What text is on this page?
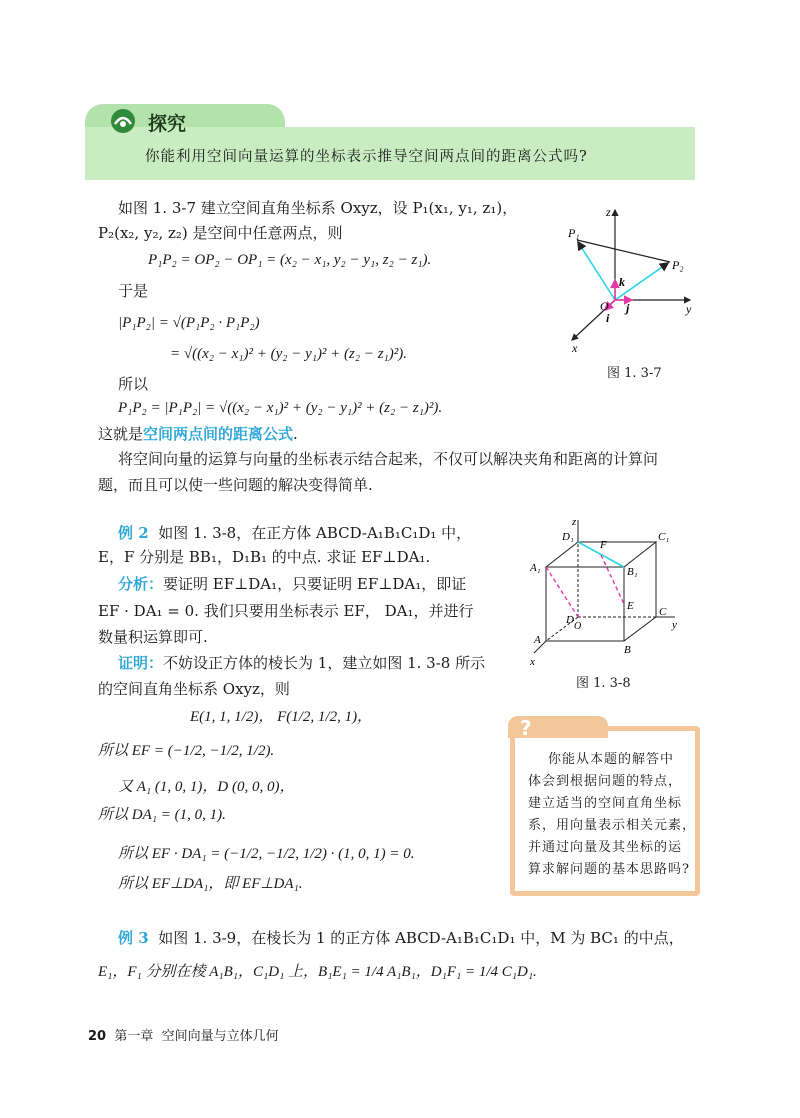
探究
你能利用空间向量运算的坐标表示推导空间两点间的距离公式吗?
如图 1. 3-7 建立空间直角坐标系 Oxyz，设 P₁(x₁, y₁, z₁)，
P₂(x₂, y₂, z₂) 是空间中任意两点，则
P₁P₂ = OP₂ − OP₁ = (x₂ − x₁, y₂ − y₁, z₂ − z₁).
于是
|P₁P₂| = √(P₁P₂ · P₁P₂)
= √((x₂ − x₁)² + (y₂ − y₁)² + (z₂ − z₁)²).
所以
P₁P₂ = |P₁P₂| = √((x₂ − x₁)² + (y₂ − y₁)² + (z₂ − z₁)²).
这就是空间两点间的距离公式.
将空间向量的运算与向量的坐标表示结合起来，不仅可以解决夹角和距离的计算问
题，而且可以使一些问题的解决变得简单.
z
y
x
O
P₁
P₂
k
i
j
图 1. 3-7
例 2 如图 1. 3-8，在正方体 ABCD-A₁B₁C₁D₁ 中，
E，F 分别是 BB₁，D₁B₁ 的中点. 求证 EF⊥DA₁.
分析：要证明 EF⊥DA₁，只要证明 EF⊥DA₁，即证
EF · DA₁ = 0. 我们只要用坐标表示 EF， DA₁，并进行
数量积运算即可.
证明：不妨设正方体的棱长为 1，建立如图 1. 3-8 所示
的空间直角坐标系 Oxyz，则
E(1, 1, 1/2)， F(1/2, 1/2, 1)，
所以 EF = (−1/2, −1/2, 1/2).
又 A₁ (1, 0, 1)，D (0, 0, 0)，
所以 DA₁ = (1, 0, 1).
所以 EF · DA₁ = (−1/2, −1/2, 1/2) · (1, 0, 1) = 0.
所以 EF⊥DA₁，即 EF⊥DA₁.
z
D₁
F
C₁
A₁	B₁
E
D
O
C
y
A
B
x
图 1. 3-8
?
你能从本题的解答中
体会到根据问题的特点，
建立适当的空间直角坐标
系，用向量表示相关元素，
并通过向量及其坐标的运
算求解问题的基本思路吗?
例 3 如图 1. 3-9，在棱长为 1 的正方体 ABCD-A₁B₁C₁D₁ 中，M 为 BC₁ 的中点，
E₁，F₁ 分别在棱 A₁B₁，C₁D₁ 上，B₁E₁ = 1/4 A₁B₁，D₁F₁ = 1/4 C₁D₁.
20 第一章 空间向量与立体几何
